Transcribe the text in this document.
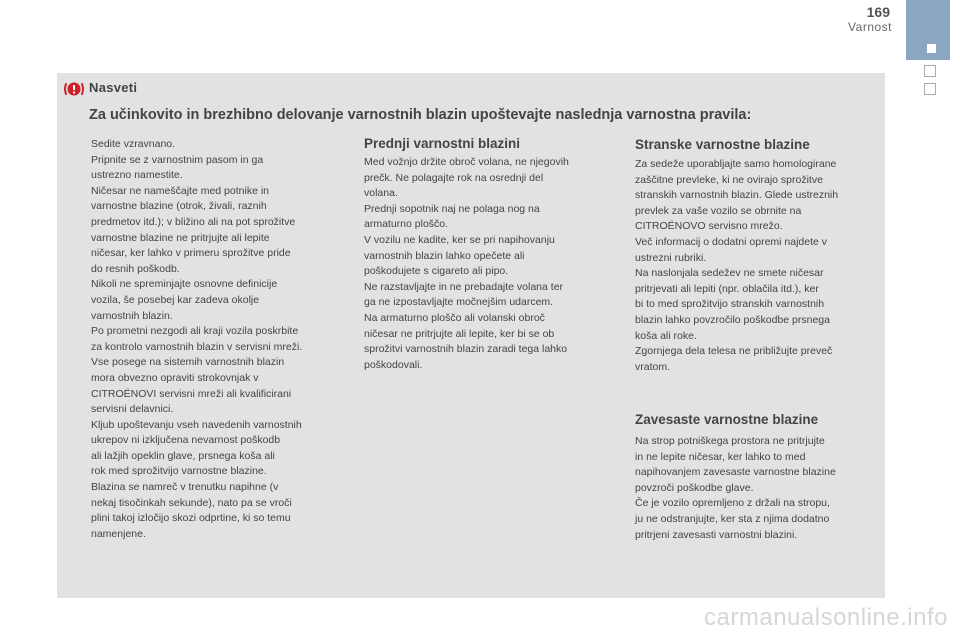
169
Varnost
Nasveti
Za učinkovito in brezhibno delovanje varnostnih blazin upoštevajte naslednja varnostna pravila:

Sedite vzravnano.

Pripnite se z varnostnim pasom in ga

ustrezno namestite.

Ničesar ne nameščajte med potnike in

varnostne blazine (otrok, živali, raznih

predmetov itd.); v bližino ali na pot sprožitve

varnostne blazine ne pritrjujte ali lepite

ničesar, ker lahko v primeru sprožitve pride

do resnih poškodb.

Nikoli ne spreminjajte osnovne definicije

vozila, še posebej kar zadeva okolje

varnostnih blazin.

Po prometni nezgodi ali kraji vozila poskrbite

za kontrolo varnostnih blazin v servisni mreži.

Vse posege na sistemih varnostnih blazin

mora obvezno opraviti strokovnjak v

CITROËNOVI servisni mreži ali kvalificirani

servisni delavnici.

Kljub upoštevanju vseh navedenih varnostnih

ukrepov ni izključena nevarnost poškodb

ali lažjih opeklin glave, prsnega koša ali

rok med sprožitvijo varnostne blazine.

Blazina se namreč v trenutku napihne (v

nekaj tisočinkah sekunde), nato pa se vroči

plini takoj izločijo skozi odprtine, ki so temu

namenjene.

Prednji varnostni blazini

Med vožnjo držite obroč volana, ne njegovih

prečk. Ne polagajte rok na osrednji del

volana.

Prednji sopotnik naj ne polaga nog na

armaturno ploščo.

V vozilu ne kadite, ker se pri napihovanju

varnostnih blazin lahko opečete ali

poškodujete s cigareto ali pipo.

Ne razstavljajte in ne prebadajte volana ter

ga ne izpostavljajte močnejšim udarcem.

Na armaturno ploščo ali volanski obroč

ničesar ne pritrjujte ali lepite, ker bi se ob

sprožitvi varnostnih blazin zaradi tega lahko

poškodovali.

Stranske varnostne blazine

Za sedeže uporabljajte samo homologirane

zaščitne prevleke, ki ne ovirajo sprožitve

stranskih varnostnih blazin. Glede ustreznih

prevlek za vaše vozilo se obrnite na

CITROËNOVO servisno mrežo.

Več informacij o dodatni opremi najdete v

ustrezni rubriki.

Na naslonjala sedežev ne smete ničesar

pritrjevati ali lepiti (npr. oblačila itd.), ker

bi to med sprožitvijo stranskih varnostnih

blazin lahko povzročilo poškodbe prsnega

koša ali roke.

Zgornjega dela telesa ne približujte preveč

vratom.

Zavesaste varnostne blazine

Na strop potniškega prostora ne pritrjujte

in ne lepite ničesar, ker lahko to med

napihovanjem zavesaste varnostne blazine

povzroči poškodbe glave.

Če je vozilo opremljeno z držali na stropu,

ju ne odstranjujte, ker sta z njima dodatno

pritrjeni zavesasti varnostni blazini.

carmanualsonline.info
